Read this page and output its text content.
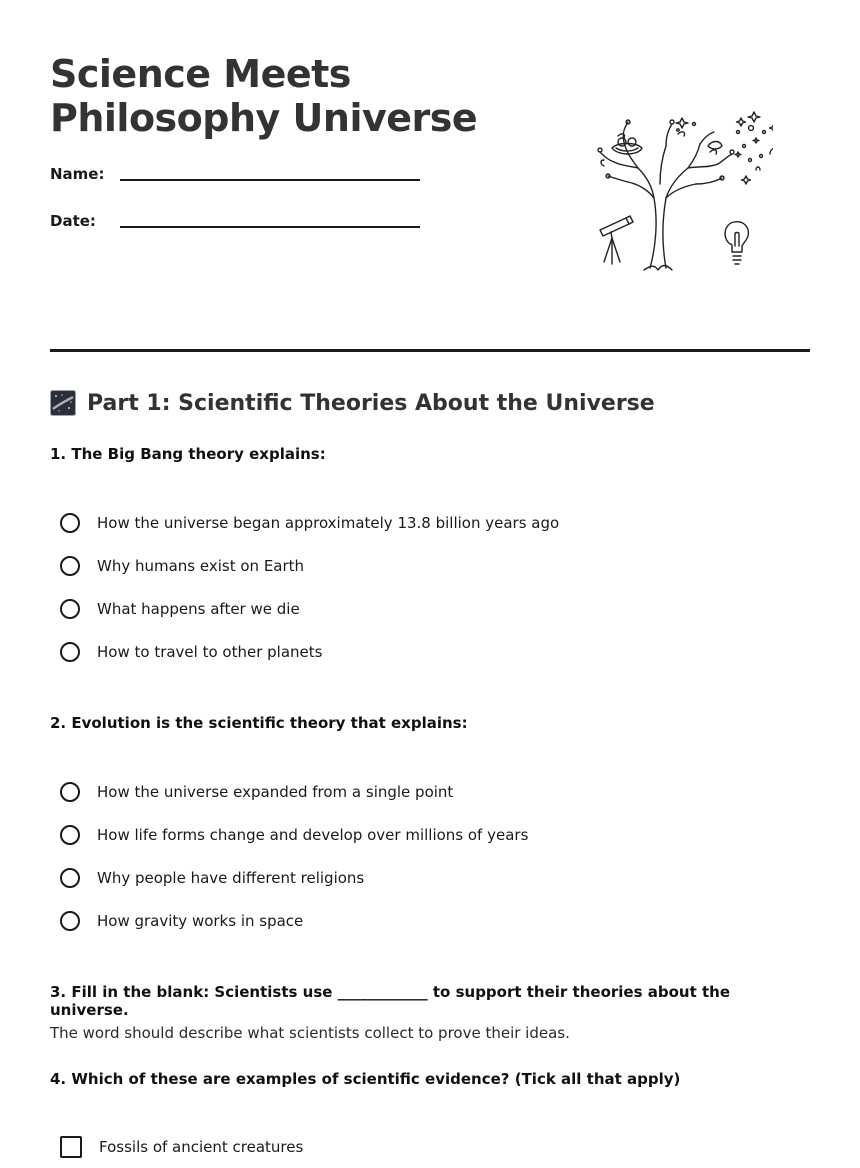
Science Meets
Philosophy Universe
Name:
Date:
Part 1: Scientific Theories About the Universe

1. The Big Bang theory explains:

How the universe began approximately 13.8 billion years ago
Why humans exist on Earth
What happens after we die
How to travel to other planets

2. Evolution is the scientific theory that explains:

How the universe expanded from a single point
How life forms change and develop over millions of years
Why people have different religions
How gravity works in space

3. Fill in the blank: Scientists use ____________ to support their theories about the universe.

The word should describe what scientists collect to prove their ideas.

4. Which of these are examples of scientific evidence? (Tick all that apply)

Fossils of ancient creatures
